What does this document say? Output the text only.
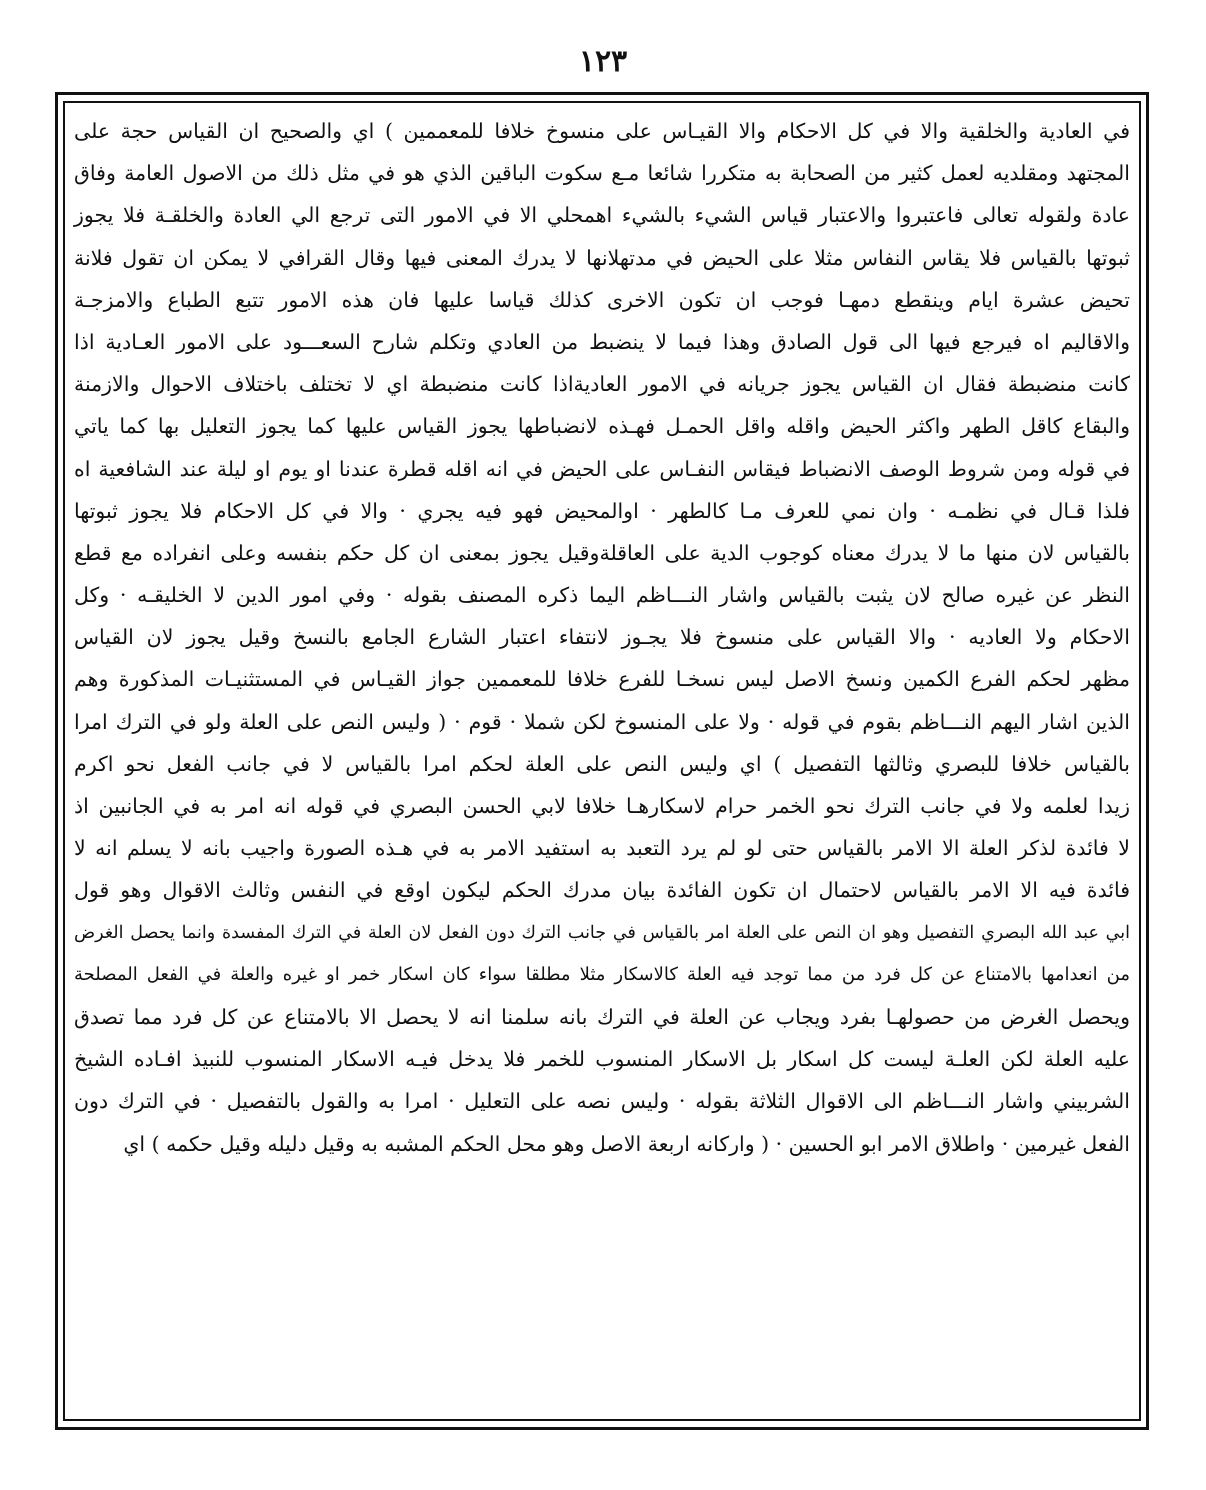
١٢٣
في العادية والخلقية والا في كل الاحكام والا القيـاس على منسوخ خلافا للمعممين ) اي والصحيح ان القياس حجة على
المجتهد ومقلديه لعمل كثير من الصحابة به متكررا شائعا مـع سكوت الباقين الذي هو في مثل ذلك من الاصول العامة وفاق
عادة ولقوله تعالى فاعتبروا والاعتبار قياس الشيء بالشيء اهمحلي الا في الامور التى ترجع الي العادة والخلقـة فلا يجوز
ثبوتها بالقياس فلا يقاس النفاس مثلا على الحيض في مدتهلانها لا يدرك المعنى فيها وقال القرافي لا يمكن ان تقول فلانة
تحيض عشرة ايام وينقطع دمهـا فوجب ان تكون الاخرى كذلك قياسا عليها فان هذه الامور تتبع الطباع والامزجـة
والاقاليم اه فيرجع فيها الى قول الصادق وهذا فيما لا ينضبط من العادي وتكلم شارح السعـــود على الامور العـادية اذا
كانت منضبطة فقال ان القياس يجوز جريانه في الامور العاديةاذا كانت منضبطة اي لا تختلف باختلاف الاحوال والازمنة
والبقاع كاقل الطهر واكثر الحيض واقله واقل الحمـل فهـذه لانضباطها يجوز القياس عليها كما يجوز التعليل بها كما ياتي
في قوله ومن شروط الوصف الانضباط فيقاس النفـاس على الحيض في انه اقله قطرة عندنا او يوم او ليلة عند الشافعية اه
فلذا قـال في نظمـه · وان نمي للعرف مـا كالطهر · اوالمحيض فهو فيه يجري · والا في كل الاحكام فلا يجوز ثبوتها
بالقياس لان منها ما لا يدرك معناه كوجوب الدية على العاقلةوقيل يجوز بمعنى ان كل حكم بنفسه وعلى انفراده مع قطع
النظر عن غيره صالح لان يثبت بالقياس واشار النـــاظم اليما ذكره المصنف بقوله · وفي امور الدين لا الخليقـه · وكل
الاحكام ولا العاديه · والا القياس على منسوخ فلا يجـوز لانتفاء اعتبار الشارع الجامع بالنسخ وقيل يجوز لان القياس
مظهر لحكم الفرع الكمين ونسخ الاصل ليس نسخـا للفرع خلافا للمعممين جواز القيـاس في المستثنيـات المذكورة وهم
الذين اشار اليهم النـــاظم بقوم في قوله · ولا على المنسوخ لكن شملا · قوم · ( وليس النص على العلة ولو في الترك امرا
بالقياس خلافا للبصري وثالثها التفصيل ) اي وليس النص على العلة لحكم امرا بالقياس لا في جانب الفعل نحو اكرم
زيدا لعلمه ولا في جانب الترك نحو الخمر حرام لاسكارهـا خلافا لابي الحسن البصري في قوله انه امر به في الجانبين اذ
لا فائدة لذكر العلة الا الامر بالقياس حتى لو لم يرد التعبد به استفيد الامر به في هـذه الصورة واجيب بانه لا يسلم انه لا
فائدة فيه الا الامر بالقياس لاحتمال ان تكون الفائدة بيان مدرك الحكم ليكون اوقع في النفس وثالث الاقوال وهو قول
ابي عبد الله البصري التفصيل وهو ان النص على العلة امر بالقياس في جانب الترك دون الفعل لان العلة في الترك المفسدة وانما يحصل الغرض
من انعدامها بالامتناع عن كل فرد من مما توجد فيه العلة كالاسكار مثلا مطلقا سواء كان اسكار خمر او غيره والعلة في الفعل المصلحة
ويحصل الغرض من حصولهـا بفرد ويجاب عن العلة في الترك بانه سلمنا انه لا يحصل الا بالامتناع عن كل فرد مما تصدق
عليه العلة لكن العلـة ليست كل اسكار بل الاسكار المنسوب للخمر فلا يدخل فيـه الاسكار المنسوب للنبيذ افـاده الشيخ
الشربيني واشار النـــاظم الى الاقوال الثلاثة بقوله · وليس نصه على التعليل · امرا به والقول بالتفصيل · في الترك دون
الفعل غيرمين · واطلاق الامر ابو الحسين · ( واركانه اربعة الاصل وهو محل الحكم المشبه به وقيل دليله وقيل حكمه ) اي
